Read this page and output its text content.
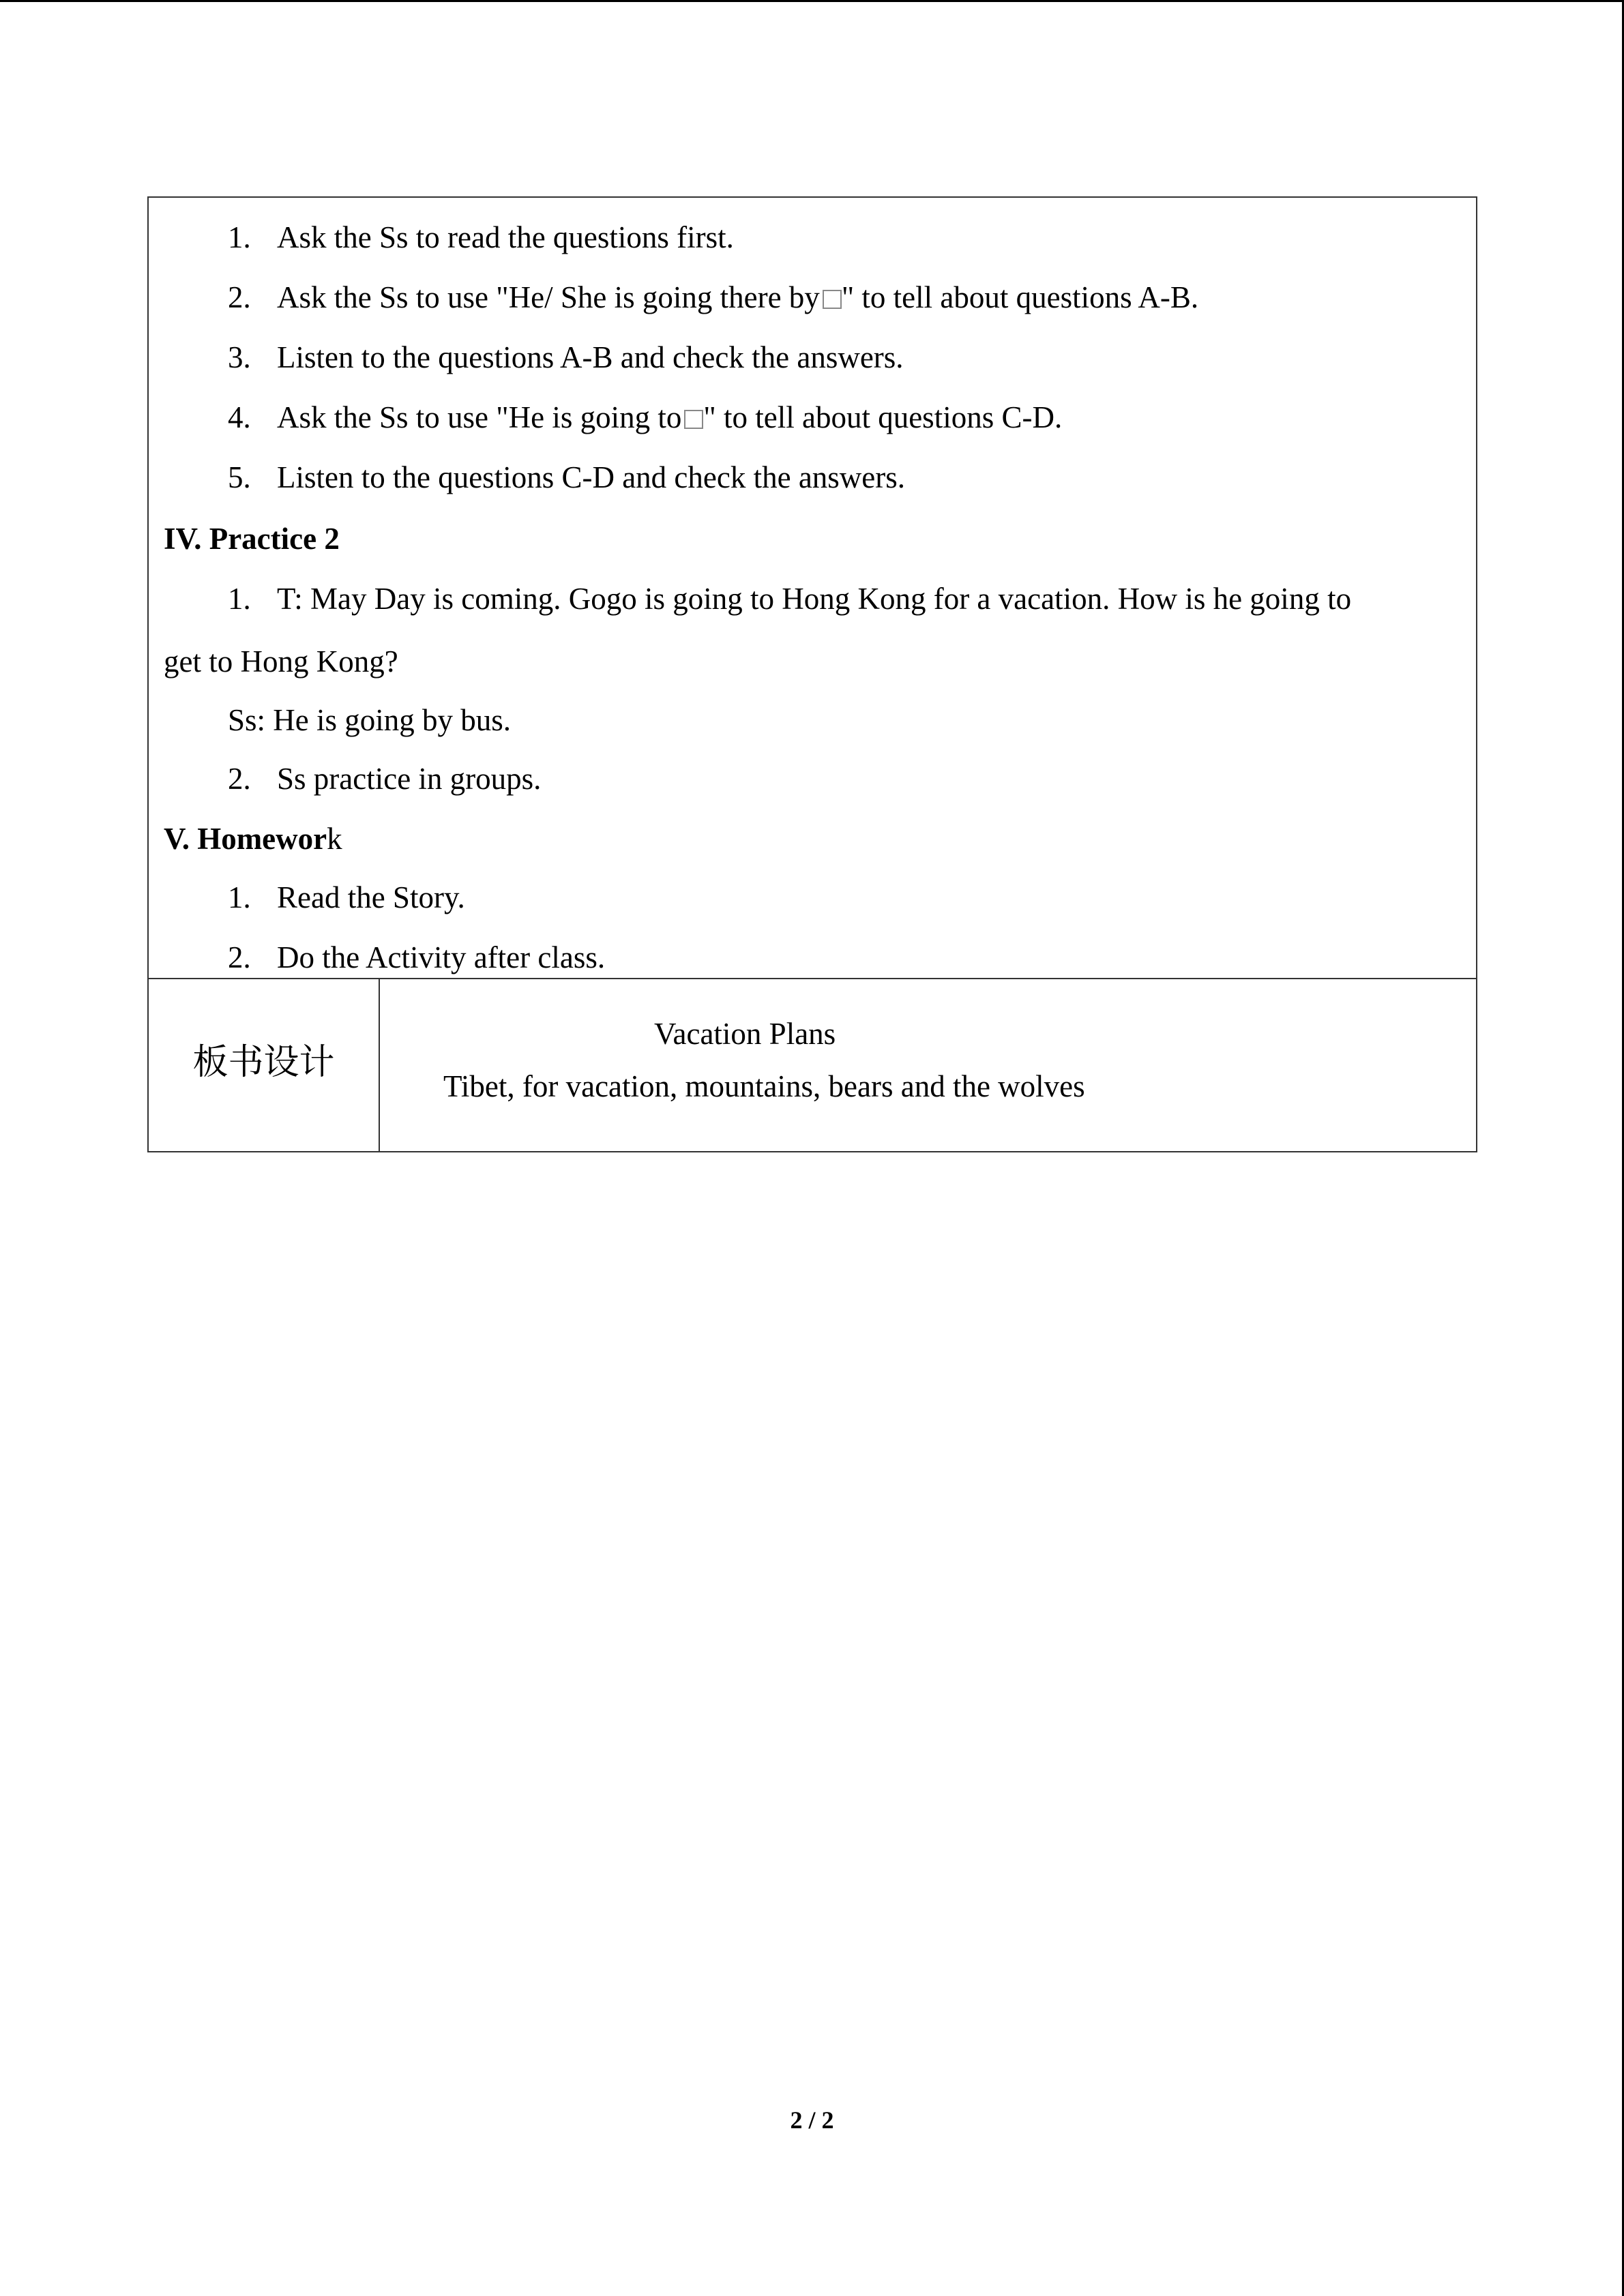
1. Ask the Ss to read the questions first.
2. Ask the Ss to use "He/ She is going there by " to tell about questions A-B.
3. Listen to the questions A-B and check the answers.
4. Ask the Ss to use "He is going to " to tell about questions C-D.
5. Listen to the questions C-D and check the answers.
IV. Practice 2
1. T: May Day is coming. Gogo is going to Hong Kong for a vacation. How is he going to
get to Hong Kong?
Ss: He is going by bus.
2. Ss practice in groups.
V. Homework
1. Read the Story.
2. Do the Activity after class.

板书设计

Vacation Plans
Tibet, for vacation, mountains, bears and the wolves
2 / 2
